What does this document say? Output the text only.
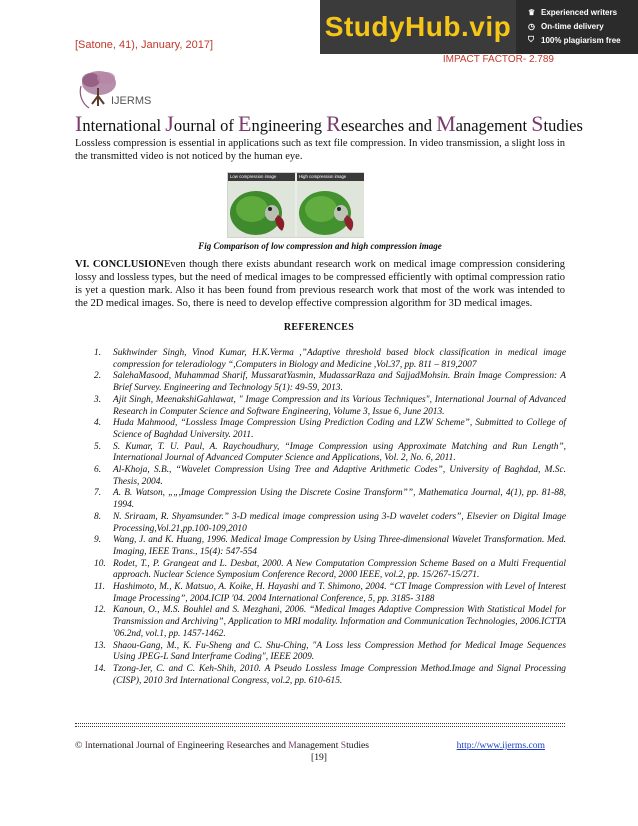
[Satone, 41), January, 2017]
IMPACT FACTOR- 2.789
StudyHub.vip ♛ Experienced writers
◷ On-time delivery
⛉ 100% plagiarism free
IJERMS
International Journal of Engineering Researches and Management Studies

Lossless compression is essential in applications such as text file compression. In video transmission, a slight loss in the transmitted video is not noticed by the human eye.

Low compression image	High compression image
Fig Comparison of low compression and high compression image

VI. CONCLUSIONEven though there exists abundant research work on medical image compression considering lossy and lossless types, but the need of medical images to be compressed efficiently with optimal compression ratio is yet a question mark. Also it has been found from previous research work that most of the work was intended to the 2D medical images. So, there is need to develop effective compression algorithm for 3D medical images.

REFERENCES
1.	Sukhwinder Singh, Vinod Kumar, H.K.Verma ,”Adaptive threshold based block classification in medical image compression for teleradiology “,Computers in Biology and Medicine ,Vol.37, pp. 811 – 819,2007
2.	SalehaMasood, Muhammad Sharif, MussaratYasmin, MudassarRaza and SajjadMohsin. Brain Image Compression: A Brief Survey. Engineering and Technology 5(1): 49-59, 2013.
3.	Ajit Singh, MeenakshiGahlawat, " Image Compression and its Various Techniques", International Journal of Advanced Research in Computer Science and Software Engineering, Volume 3, Issue 6, June 2013.
4.	Huda Mahmood, “Lossless Image Compression Using Prediction Coding and LZW Scheme”, Submitted to College of Science of Baghdad University. 2011.
5.	S. Kumar, T. U. Paul, A. Raychoudhury, “Image Compression using Approximate Matching and Run Length”, International Journal of Advanced Computer Science and Applications, Vol. 2, No. 6, 2011.
6.	Al-Khoja, S.B., “Wavelet Compression Using Tree and Adaptive Arithmetic Codes”, University of Baghdad, M.Sc. Thesis, 2004.
7.	A. B. Watson, „„,Image Compression Using the Discrete Cosine Transform””, Mathematica Journal, 4(1), pp. 81-88, 1994.
8.	N. Sriraam, R. Shyamsunder.” 3-D medical image compression using 3-D wavelet coders”, Elsevier on Digital Image Processing,Vol.21,pp.100-109,2010
9.	Wang, J. and K. Huang, 1996. Medical Image Compression by Using Three-dimensional Wavelet Transformation. Med. Imaging, IEEE Trans., 15(4): 547-554
10. Rodet, T., P. Grangeat and L. Desbat, 2000. A New Computation Compression Scheme Based on a Multi Frequential approach. Nuclear Science Symposium Conference Record, 2000 IEEE, vol.2, pp. 15/267-15/271.
11. Hashimoto, M., K. Matsuo, A. Koike, H. Hayashi and T. Shimono, 2004. “CT Image Compression with Level of Interest Image Processing”, 2004.ICIP '04. 2004 International Conference, 5, pp. 3185- 3188
12. Kanoun, O., M.S. Bouhlel and S. Mezghani, 2006. “Medical Images Adaptive Compression With Statistical Model for Transmission and Archiving”, Application to MRI modality. Information and Communication Technologies, 2006.ICTTA '06.2nd, vol.1, pp. 1457-1462.
13. Shaou-Gang, M., K. Fu-Sheng and C. Shu-Ching, "A Loss less Compression Method for Medical Image Sequences Using JPEG-L Sand Interframe Coding", IEEE 2009.
14. Tzong-Jer, C. and C. Keh-Shih, 2010. A Pseudo Lossless Image Compression Method.Image and Signal Processing (CISP), 2010 3rd International Congress, vol.2, pp. 610-615.
© International Journal of Engineering Researches and Management Studies	http://www.ijerms.com
[19]
